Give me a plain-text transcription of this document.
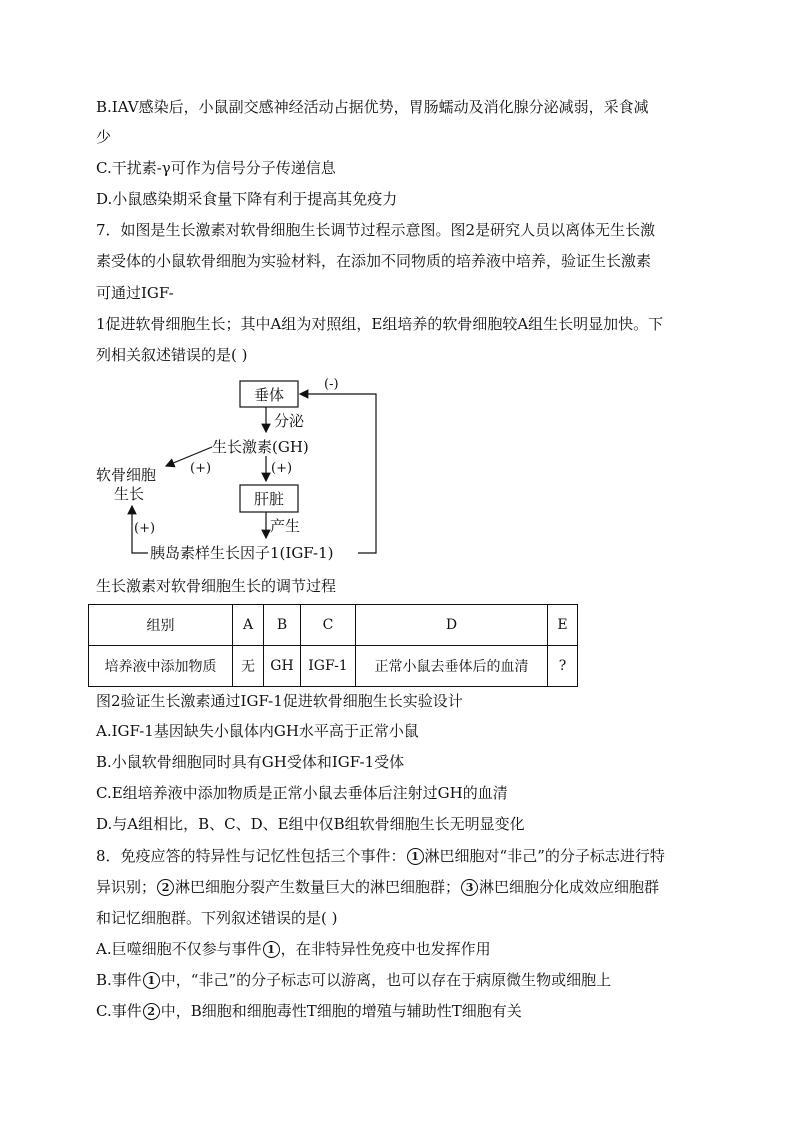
B.IAV感染后，小鼠副交感神经活动占据优势，胃肠蠕动及消化腺分泌减弱，采食减
少
C.干扰素-γ可作为信号分子传递信息
D.小鼠感染期采食量下降有利于提高其免疫力
7．如图是生长激素对软骨细胞生长调节过程示意图。图2是研究人员以离体无生长激
素受体的小鼠软骨细胞为实验材料，在添加不同物质的培养液中培养，验证生长激素
可通过IGF-
1促进软骨细胞生长；其中A组为对照组，E组培养的软骨细胞较A组生长明显加快。下
列相关叙述错误的是( )
垂体
分泌
生长激素(GH)
(+)
软骨细胞
生长
(+)
肝脏
产生
胰岛素样生长因子1(IGF-1)
(+)
(-)
生长激素对软骨细胞生长的调节过程
组别	A	B	C	D	E
培养液中添加物质	无	GH	IGF-1	正常小鼠去垂体后的血清	?
图2验证生长激素通过IGF-1促进软骨细胞生长实验设计
A.IGF-1基因缺失小鼠体内GH水平高于正常小鼠
B.小鼠软骨细胞同时具有GH受体和IGF-1受体
C.E组培养液中添加物质是正常小鼠去垂体后注射过GH的血清
D.与A组相比，B、C、D、E组中仅B组软骨细胞生长无明显变化
8．免疫应答的特异性与记忆性包括三个事件： 1 淋巴细胞对“非己”的分子标志进行特
异识别； 2 淋巴细胞分裂产生数量巨大的淋巴细胞群； 3 淋巴细胞分化成效应细胞群
和记忆细胞群。下列叙述错误的是( )
A.巨噬细胞不仅参与事件 1 ，在非特异性免疫中也发挥作用
B.事件 1 中，“非己”的分子标志可以游离，也可以存在于病原微生物或细胞上
C.事件 2 中，B细胞和细胞毒性T细胞的增殖与辅助性T细胞有关
